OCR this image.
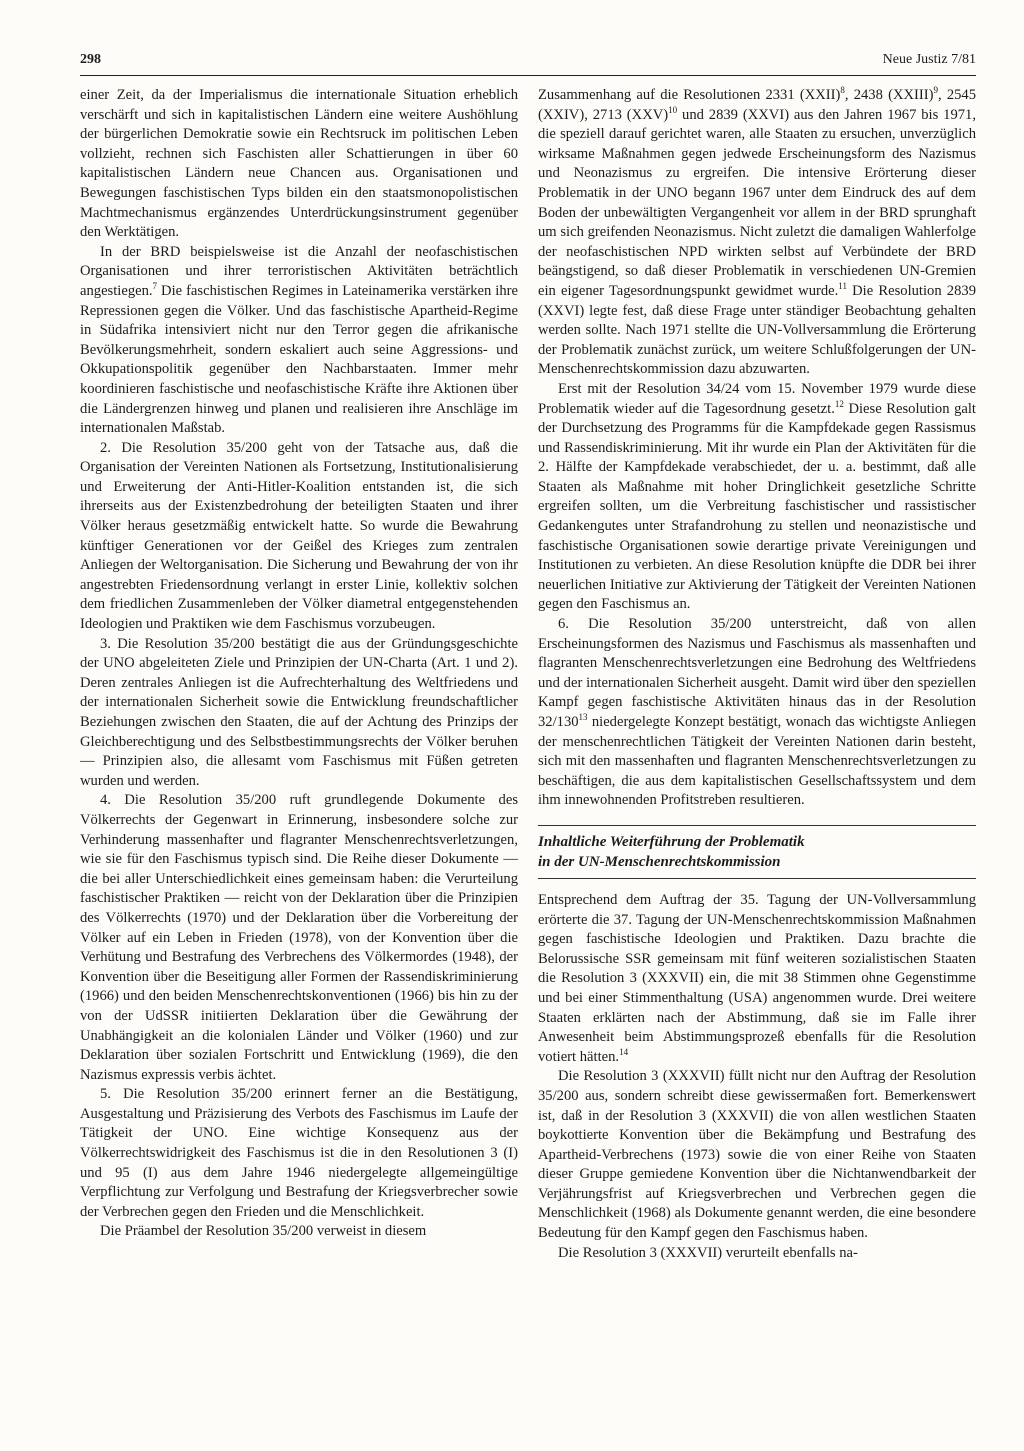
298	Neue Justiz 7/81

einer Zeit, da der Imperialismus die internationale Situation erheblich verschärft und sich in kapitalistischen Ländern eine weitere Aushöhlung der bürgerlichen Demokratie sowie ein Rechtsruck im politischen Leben vollzieht, rechnen sich Faschisten aller Schattierungen in über 60 kapitalistischen Ländern neue Chancen aus. Organisationen und Bewegungen faschistischen Typs bilden ein den staatsmonopolistischen Machtmechanismus ergänzendes Unterdrückungsinstrument gegenüber den Werktätigen.

In der BRD beispielsweise ist die Anzahl der neofaschistischen Organisationen und ihrer terroristischen Aktivitäten beträchtlich angestiegen.$^7$ Die faschistischen Regimes in Lateinamerika verstärken ihre Repressionen gegen die Völker. Und das faschistische Apartheid-Regime in Südafrika intensiviert nicht nur den Terror gegen die afrikanische Bevölkerungsmehrheit, sondern eskaliert auch seine Aggressions- und Okkupationspolitik gegenüber den Nachbarstaaten. Immer mehr koordinieren faschistische und neofaschistische Kräfte ihre Aktionen über die Ländergrenzen hinweg und planen und realisieren ihre Anschläge im internationalen Maßstab.

2. Die Resolution 35/200 geht von der Tatsache aus, daß die Organisation der Vereinten Nationen als Fortsetzung, Institutionalisierung und Erweiterung der Anti-Hitler-Koalition entstanden ist, die sich ihrerseits aus der Existenzbedrohung der beteiligten Staaten und ihrer Völker heraus gesetzmäßig entwickelt hatte. So wurde die Bewahrung künftiger Generationen vor der Geißel des Krieges zum zentralen Anliegen der Weltorganisation. Die Sicherung und Bewahrung der von ihr angestrebten Friedensordnung verlangt in erster Linie, kollektiv solchen dem friedlichen Zusammenleben der Völker diametral entgegenstehenden Ideologien und Praktiken wie dem Faschismus vorzubeugen.

3. Die Resolution 35/200 bestätigt die aus der Gründungsgeschichte der UNO abgeleiteten Ziele und Prinzipien der UN-Charta (Art. 1 und 2). Deren zentrales Anliegen ist die Aufrechterhaltung des Weltfriedens und der internationalen Sicherheit sowie die Entwicklung freundschaftlicher Beziehungen zwischen den Staaten, die auf der Achtung des Prinzips der Gleichberechtigung und des Selbstbestimmungsrechts der Völker beruhen — Prinzipien also, die allesamt vom Faschismus mit Füßen getreten wurden und werden.

4. Die Resolution 35/200 ruft grundlegende Dokumente des Völkerrechts der Gegenwart in Erinnerung, insbesondere solche zur Verhinderung massenhafter und flagranter Menschenrechtsverletzungen, wie sie für den Faschismus typisch sind. Die Reihe dieser Dokumente — die bei aller Unterschiedlichkeit eines gemeinsam haben: die Verurteilung faschistischer Praktiken — reicht von der Deklaration über die Prinzipien des Völkerrechts (1970) und der Deklaration über die Vorbereitung der Völker auf ein Leben in Frieden (1978), von der Konvention über die Verhütung und Bestrafung des Verbrechens des Völkermordes (1948), der Konvention über die Beseitigung aller Formen der Rassendiskriminierung (1966) und den beiden Menschenrechtskonventionen (1966) bis hin zu der von der UdSSR initiierten Deklaration über die Gewährung der Unabhängigkeit an die kolonialen Länder und Völker (1960) und zur Deklaration über sozialen Fortschritt und Entwicklung (1969), die den Nazismus expressis verbis ächtet.

5. Die Resolution 35/200 erinnert ferner an die Bestätigung, Ausgestaltung und Präzisierung des Verbots des Faschismus im Laufe der Tätigkeit der UNO. Eine wichtige Konsequenz aus der Völkerrechtswidrigkeit des Faschismus ist die in den Resolutionen 3 (I) und 95 (I) aus dem Jahre 1946 niedergelegte allgemeingültige Verpflichtung zur Verfolgung und Bestrafung der Kriegsverbrecher sowie der Verbrechen gegen den Frieden und die Menschlichkeit.

Die Präambel der Resolution 35/200 verweist in diesem

Zusammenhang auf die Resolutionen 2331 (XXII)$^8$, 2438 (XXIII)$^9$, 2545 (XXIV), 2713 (XXV)$^{10}$ und 2839 (XXVI) aus den Jahren 1967 bis 1971, die speziell darauf gerichtet waren, alle Staaten zu ersuchen, unverzüglich wirksame Maßnahmen gegen jedwede Erscheinungsform des Nazismus und Neonazismus zu ergreifen. Die intensive Erörterung dieser Problematik in der UNO begann 1967 unter dem Eindruck des auf dem Boden der unbewältigten Vergangenheit vor allem in der BRD sprunghaft um sich greifenden Neonazismus. Nicht zuletzt die damaligen Wahlerfolge der neofaschistischen NPD wirkten selbst auf Verbündete der BRD beängstigend, so daß dieser Problematik in verschiedenen UN-Gremien ein eigener Tagesordnungspunkt gewidmet wurde.$^{11}$ Die Resolution 2839 (XXVI) legte fest, daß diese Frage unter ständiger Beobachtung gehalten werden sollte. Nach 1971 stellte die UN-Vollversammlung die Erörterung der Problematik zunächst zurück, um weitere Schlußfolgerungen der UN-Menschenrechtskommission dazu abzuwarten.

Erst mit der Resolution 34/24 vom 15. November 1979 wurde diese Problematik wieder auf die Tagesordnung gesetzt.$^{12}$ Diese Resolution galt der Durchsetzung des Programms für die Kampfdekade gegen Rassismus und Rassendiskriminierung. Mit ihr wurde ein Plan der Aktivitäten für die 2. Hälfte der Kampfdekade verabschiedet, der u. a. bestimmt, daß alle Staaten als Maßnahme mit hoher Dringlichkeit gesetzliche Schritte ergreifen sollten, um die Verbreitung faschistischer und rassistischer Gedankengutes unter Strafandrohung zu stellen und neonazistische und faschistische Organisationen sowie derartige private Vereinigungen und Institutionen zu verbieten. An diese Resolution knüpfte die DDR bei ihrer neuerlichen Initiative zur Aktivierung der Tätigkeit der Vereinten Nationen gegen den Faschismus an.

6. Die Resolution 35/200 unterstreicht, daß von allen Erscheinungsformen des Nazismus und Faschismus als massenhaften und flagranten Menschenrechtsverletzungen eine Bedrohung des Weltfriedens und der internationalen Sicherheit ausgeht. Damit wird über den speziellen Kampf gegen faschistische Aktivitäten hinaus das in der Resolution $32/130^{13}$ niedergelegte Konzept bestätigt, wonach das wichtigste Anliegen der menschenrechtlichen Tätigkeit der Vereinten Nationen darin besteht, sich mit den massenhaften und flagranten Menschenrechtsverletzungen zu beschäftigen, die aus dem kapitalistischen Gesellschaftssystem und dem ihm innewohnenden Profitstreben resultieren.

Inhaltliche Weiterführung der Problematik
in der UN-Menschenrechtskommission

Entsprechend dem Auftrag der 35. Tagung der UN-Vollversammlung erörterte die 37. Tagung der UN-Menschenrechtskommission Maßnahmen gegen faschistische Ideologien und Praktiken. Dazu brachte die Belorussische SSR gemeinsam mit fünf weiteren sozialistischen Staaten die Resolution 3 (XXXVII) ein, die mit 38 Stimmen ohne Gegenstimme und bei einer Stimmenthaltung (USA) angenommen wurde. Drei weitere Staaten erklärten nach der Abstimmung, daß sie im Falle ihrer Anwesenheit beim Abstimmungsprozeß ebenfalls für die Resolution votiert hätten.$^{14}$

Die Resolution 3 (XXXVII) füllt nicht nur den Auftrag der Resolution 35/200 aus, sondern schreibt diese gewissermaßen fort. Bemerkenswert ist, daß in der Resolution 3 (XXXVII) die von allen westlichen Staaten boykottierte Konvention über die Bekämpfung und Bestrafung des Apartheid-Verbrechens (1973) sowie die von einer Reihe von Staaten dieser Gruppe gemiedene Konvention über die Nichtanwendbarkeit der Verjährungsfrist auf Kriegsverbrechen und Verbrechen gegen die Menschlichkeit (1968) als Dokumente genannt werden, die eine besondere Bedeutung für den Kampf gegen den Faschismus haben.

Die Resolution 3 (XXXVII) verurteilt ebenfalls na-
